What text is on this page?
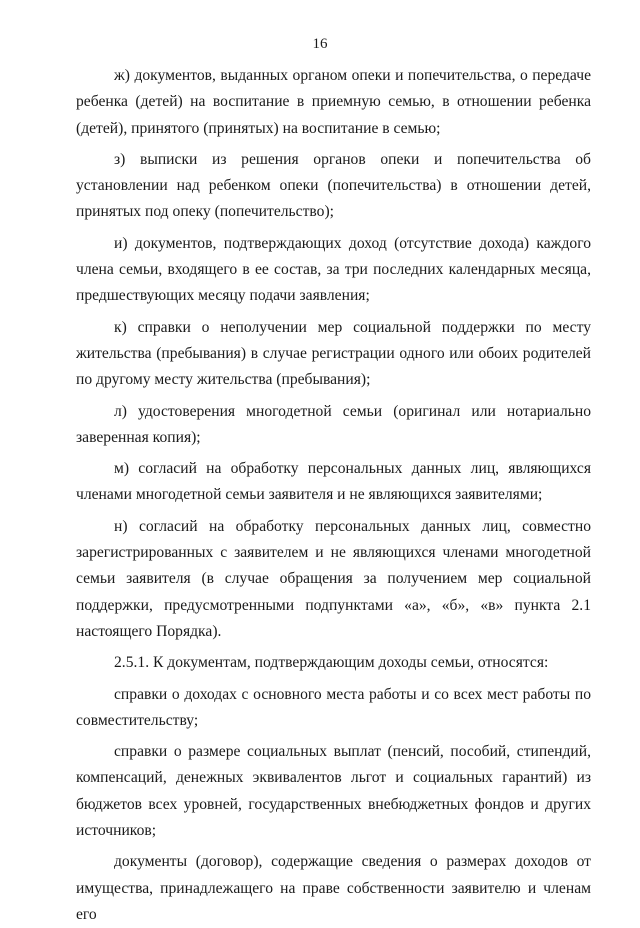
16

ж) документов, выданных органом опеки и попечительства, о передаче ребенка (детей) на воспитание в приемную семью, в отношении ребенка (детей), принятого (принятых) на воспитание в семью;

з) выписки из решения органов опеки и попечительства об установлении над ребенком опеки (попечительства) в отношении детей, принятых под опеку (попечительство);

и) документов, подтверждающих доход (отсутствие дохода) каждого члена семьи, входящего в ее состав, за три последних календарных месяца, предшествующих месяцу подачи заявления;

к) справки о неполучении мер социальной поддержки по месту жительства (пребывания) в случае регистрации одного или обоих родителей по другому месту жительства (пребывания);

л) удостоверения многодетной семьи (оригинал или нотариально заверенная копия);

м) согласий на обработку персональных данных лиц, являющихся членами многодетной семьи заявителя и не являющихся заявителями;

н) согласий на обработку персональных данных лиц, совместно зарегистрированных с заявителем и не являющихся членами многодетной семьи заявителя (в случае обращения за получением мер социальной поддержки, предусмотренными подпунктами «а», «б», «в» пункта 2.1 настоящего Порядка).

2.5.1. К документам, подтверждающим доходы семьи, относятся:

справки о доходах с основного места работы и со всех мест работы по совместительству;

справки о размере социальных выплат (пенсий, пособий, стипендий, компенсаций, денежных эквивалентов льгот и социальных гарантий) из бюджетов всех уровней, государственных внебюджетных фондов и других источников;

документы (договор), содержащие сведения о размерах доходов от имущества, принадлежащего на праве собственности заявителю и членам его
